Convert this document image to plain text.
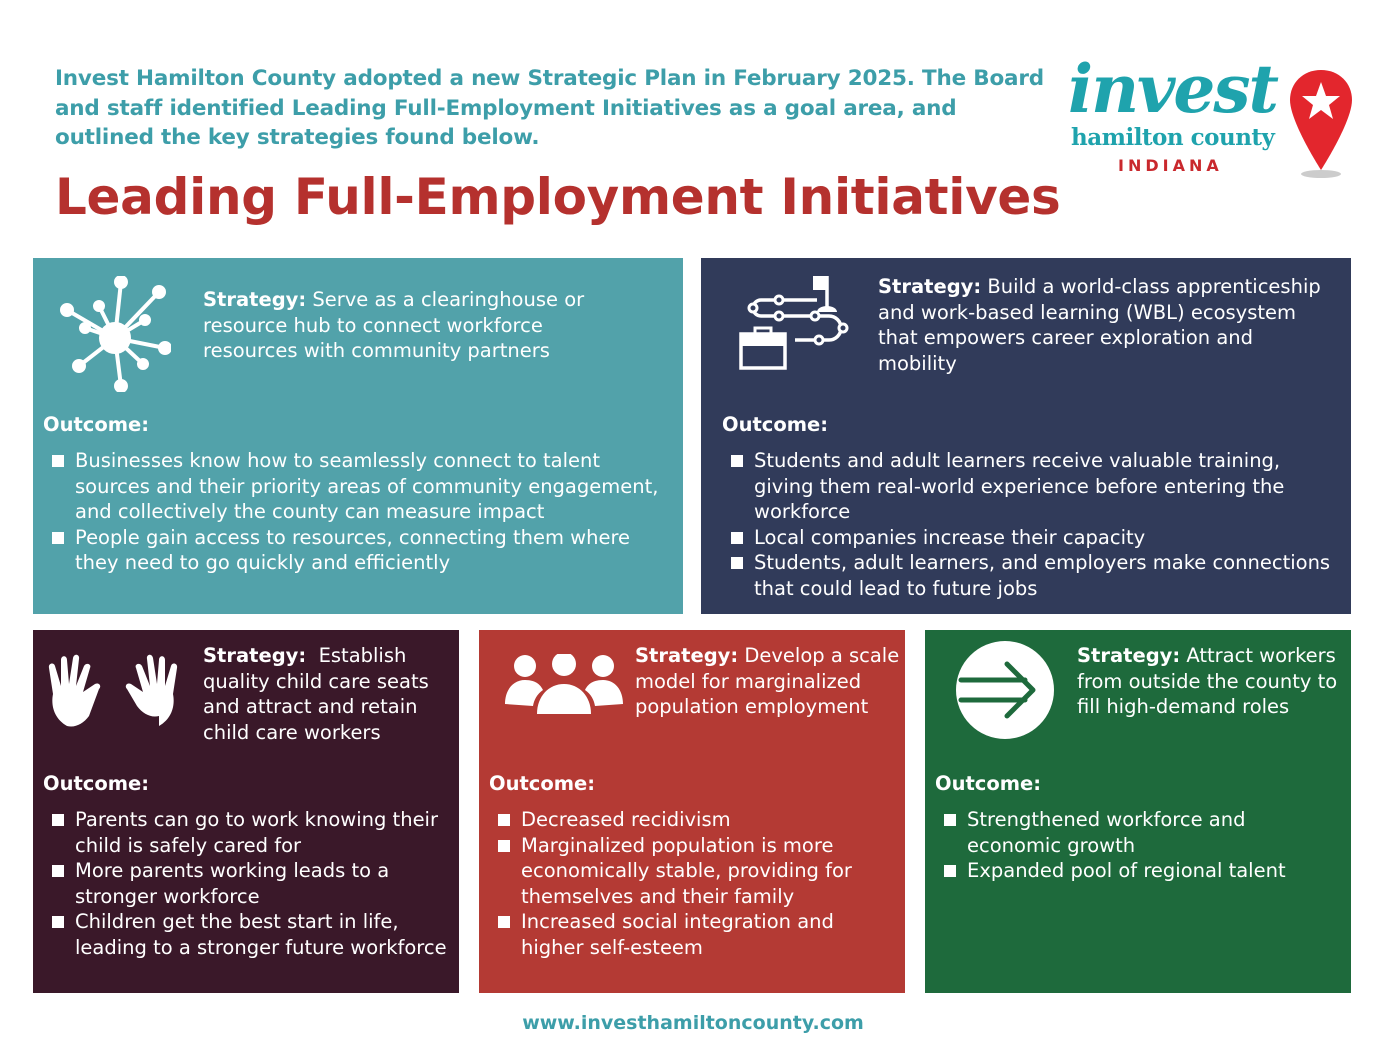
Invest Hamilton County adopted a new Strategic Plan in February 2025. The Board and staff identified Leading Full-Employment Initiatives as a goal area, and outlined the key strategies found below.
Leading Full-Employment Initiatives
invest
hamilton county
INDIANA
Strategy: Serve as a clearinghouse or resource hub to connect workforce resources with community partners
Outcome:
Businesses know how to seamlessly connect to talent sources and their priority areas of community engagement, and collectively the county can measure impact
People gain access to resources, connecting them where they need to go quickly and efficiently
Strategy: Build a world-class apprenticeship and work-based learning (WBL) ecosystem that empowers career exploration and mobility
Outcome:
Students and adult learners receive valuable training, giving them real-world experience before entering the workforce
Local companies increase their capacity
Students, adult learners, and employers make connections that could lead to future jobs
Strategy: Establish quality child care seats and attract and retain child care workers
Outcome:
Parents can go to work knowing their child is safely cared for
More parents working leads to a stronger workforce
Children get the best start in life, leading to a stronger future workforce
Strategy: Develop a scale model for marginalized population employment
Outcome:
Decreased recidivism
Marginalized population is more economically stable, providing for themselves and their family
Increased social integration and higher self-esteem
Strategy: Attract workers from outside the county to fill high-demand roles
Outcome:
Strengthened workforce and economic growth
Expanded pool of regional talent
www.investhamiltoncounty.com
